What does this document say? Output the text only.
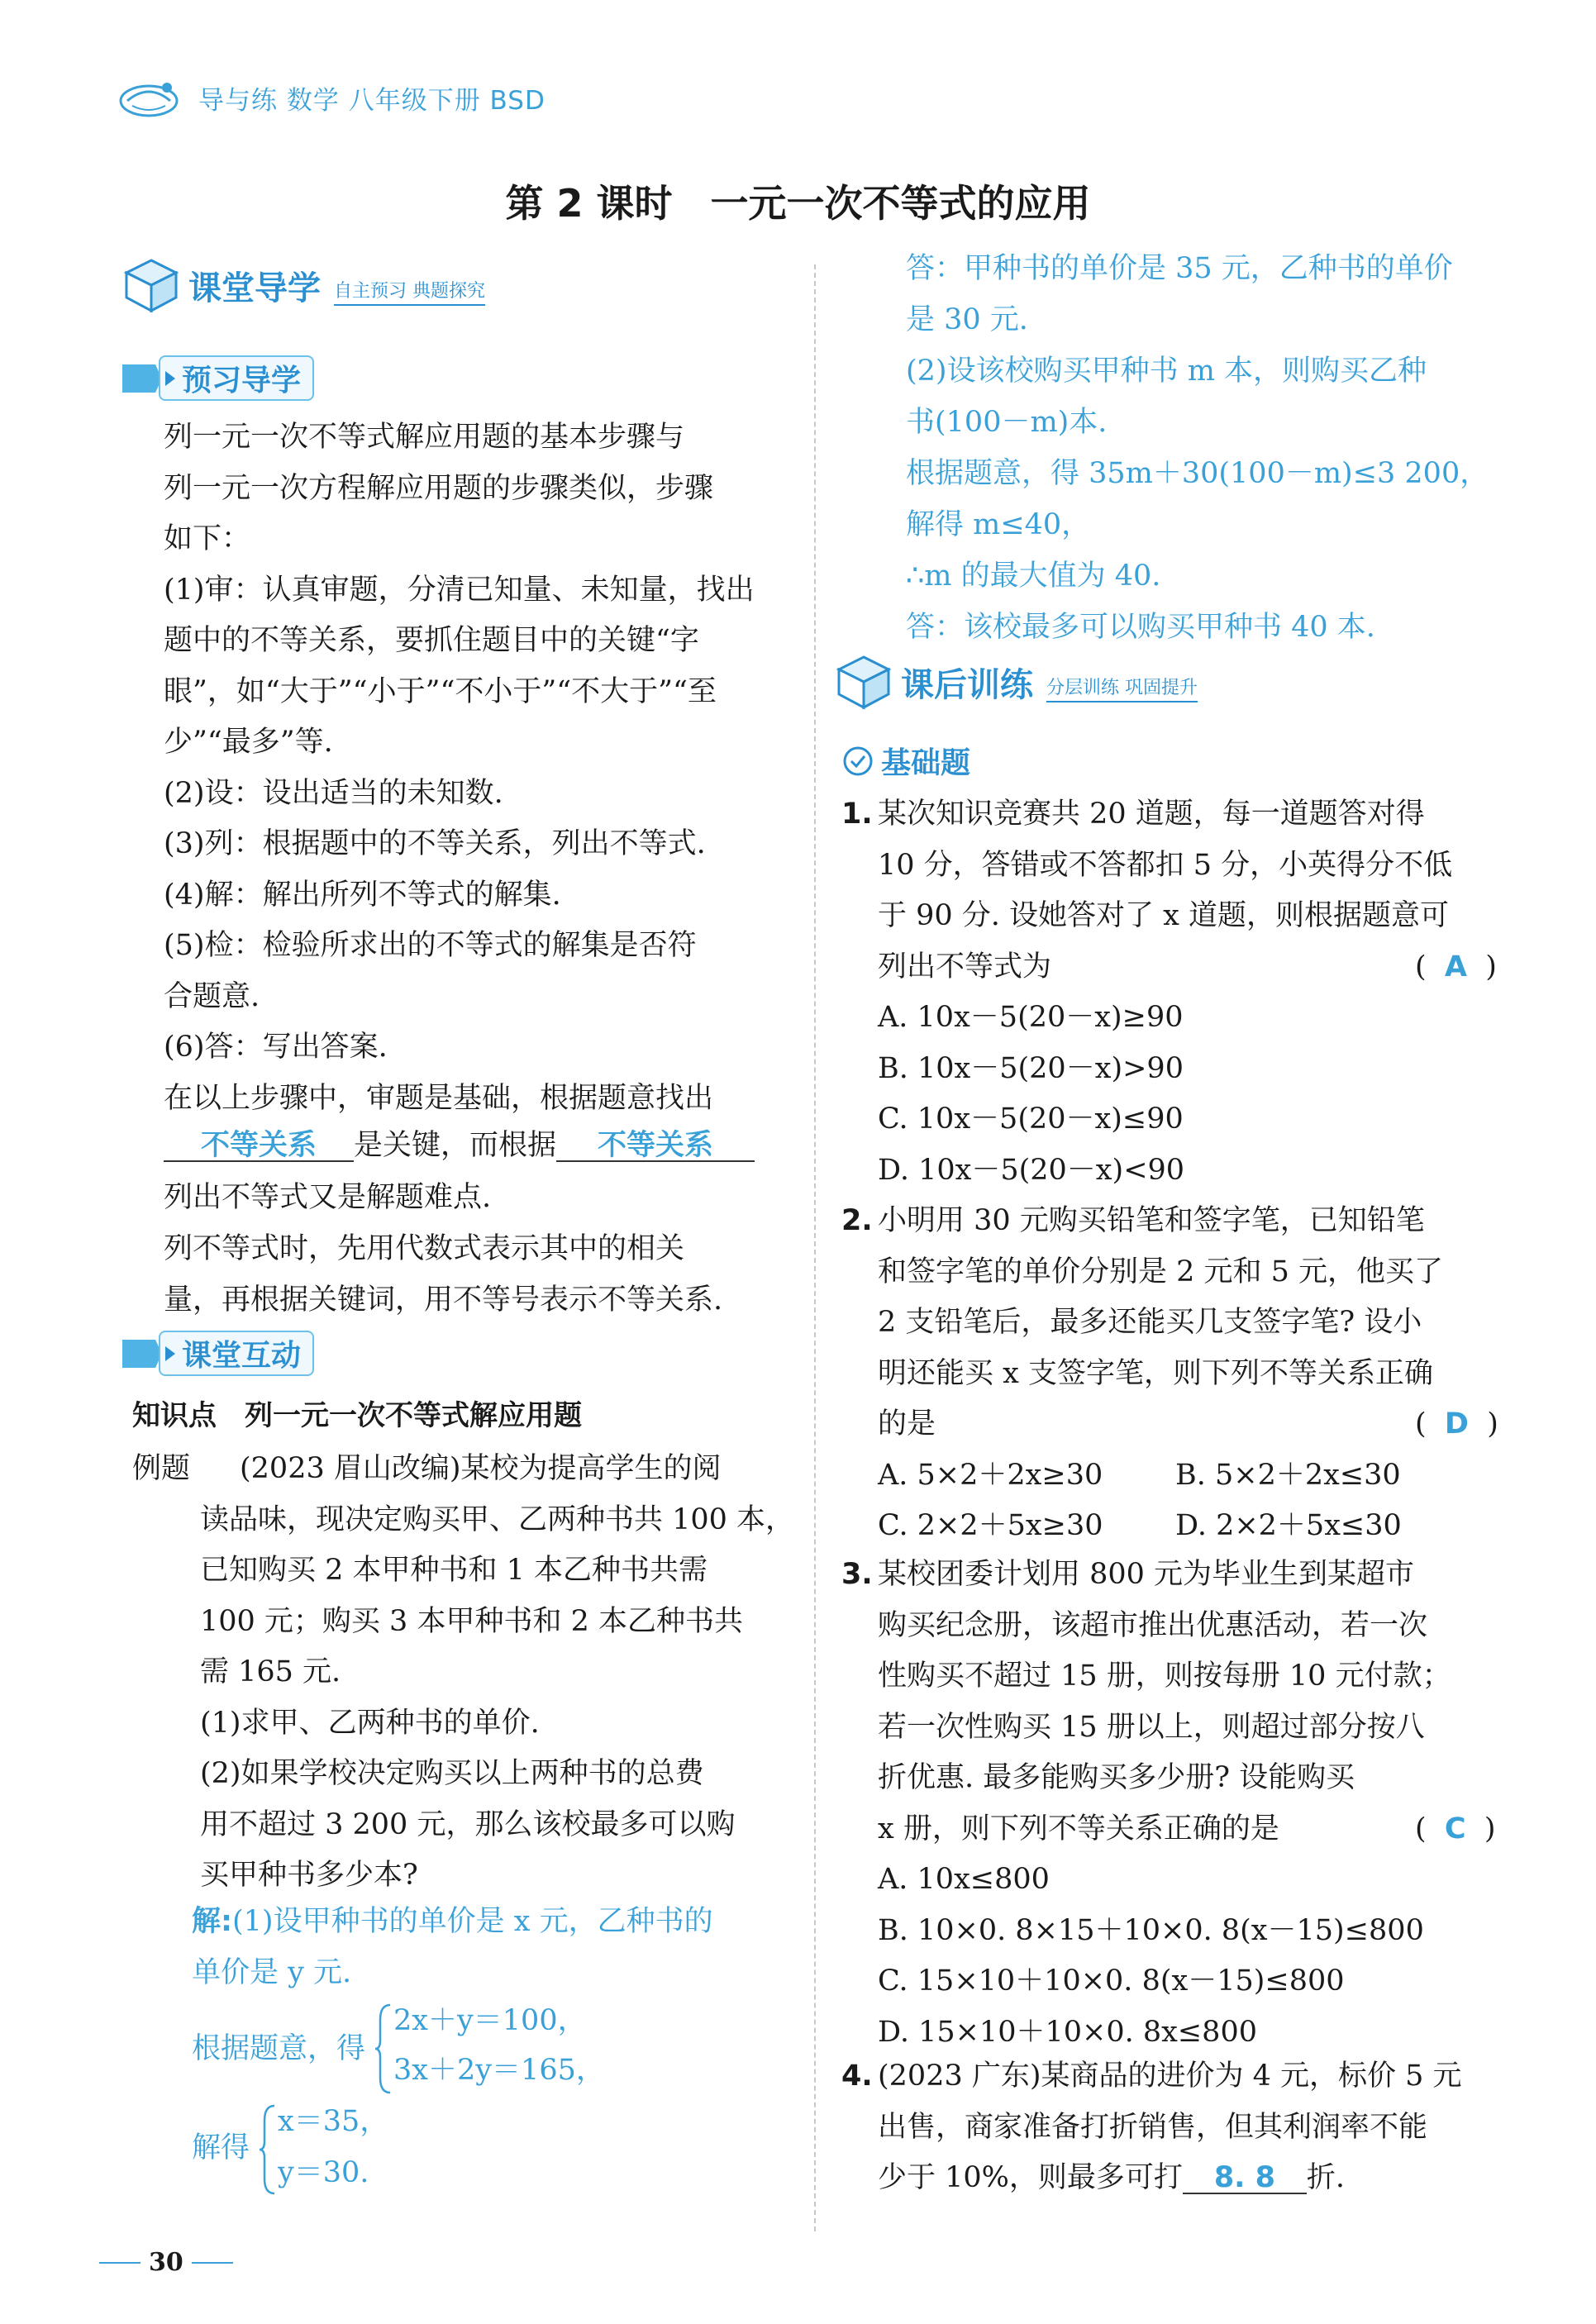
导与练 数学 八年级下册 BSD
第 2 课时　一元一次不等式的应用
课堂导学 自主预习 典题探究
预习导学
列一元一次不等式解应用题的基本步骤与
列一元一次方程解应用题的步骤类似，步骤
如下：
(1)审：认真审题，分清已知量、未知量，找出
题中的不等关系，要抓住题目中的关键“字
眼”，如“大于”“小于”“不小于”“不大于”“至
少”“最多”等.
(2)设：设出适当的未知数.
(3)列：根据题中的不等关系，列出不等式.
(4)解：解出所列不等式的解集.
(5)检：检验所求出的不等式的解集是否符
合题意.
(6)答：写出答案.
在以上步骤中，审题是基础，根据题意找出
不等关系 是关键，而根据 不等关系
列出不等式又是解题难点.
列不等式时，先用代数式表示其中的相关
量，再根据关键词，用不等号表示不等关系.
课堂互动
知识点　列一元一次不等式解应用题
例题 (2023 眉山改编)某校为提高学生的阅
读品味，现决定购买甲、乙两种书共 100 本，
已知购买 2 本甲种书和 1 本乙种书共需
100 元；购买 3 本甲种书和 2 本乙种书共
需 165 元.
(1)求甲、乙两种书的单价.
(2)如果学校决定购买以上两种书的总费
用不超过 3 200 元，那么该校最多可以购
买甲种书多少本?
解:(1)设甲种书的单价是 x 元，乙种书的
单价是 y 元.
根据题意，得
2x＋y＝100，
3x＋2y＝165，
解得
x＝35，
y＝30.
答：甲种书的单价是 35 元，乙种书的单价
是 30 元.
(2)设该校购买甲种书 m 本，则购买乙种
书(100－m)本.
根据题意，得 35m＋30(100－m)≤3 200，
解得 m≤40，
∴m 的最大值为 40.
答：该校最多可以购买甲种书 40 本.
课后训练 分层训练 巩固提升
基础题
1. 某次知识竞赛共 20 道题，每一道题答对得
10 分，答错或不答都扣 5 分，小英得分不低
于 90 分. 设她答对了 x 道题，则根据题意可
列出不等式为	(  A  )
A. 10x－5(20－x)≥90
B. 10x－5(20－x)>90
C. 10x－5(20－x)≤90
D. 10x－5(20－x)<90
2. 小明用 30 元购买铅笔和签字笔，已知铅笔
和签字笔的单价分别是 2 元和 5 元，他买了
2 支铅笔后，最多还能买几支签字笔? 设小
明还能买 x 支签字笔，则下列不等关系正确
的是	(  D  )
A. 5×2＋2x≥30	B. 5×2＋2x≤30
C. 2×2＋5x≥30 D. 2×2＋5x≤30
3. 某校团委计划用 800 元为毕业生到某超市
购买纪念册，该超市推出优惠活动，若一次
性购买不超过 15 册，则按每册 10 元付款；
若一次性购买 15 册以上，则超过部分按八
折优惠. 最多能购买多少册? 设能购买
x 册，则下列不等关系正确的是	(  C  )
A. 10x≤800
B. 10×0. 8×15＋10×0. 8(x－15)≤800
C. 15×10＋10×0. 8(x－15)≤800
D. 15×10＋10×0. 8x≤800
4. (2023 广东)某商品的进价为 4 元，标价 5 元
出售，商家准备打折销售，但其利润率不能
少于 10%，则最多可打 8. 8 折.
30
